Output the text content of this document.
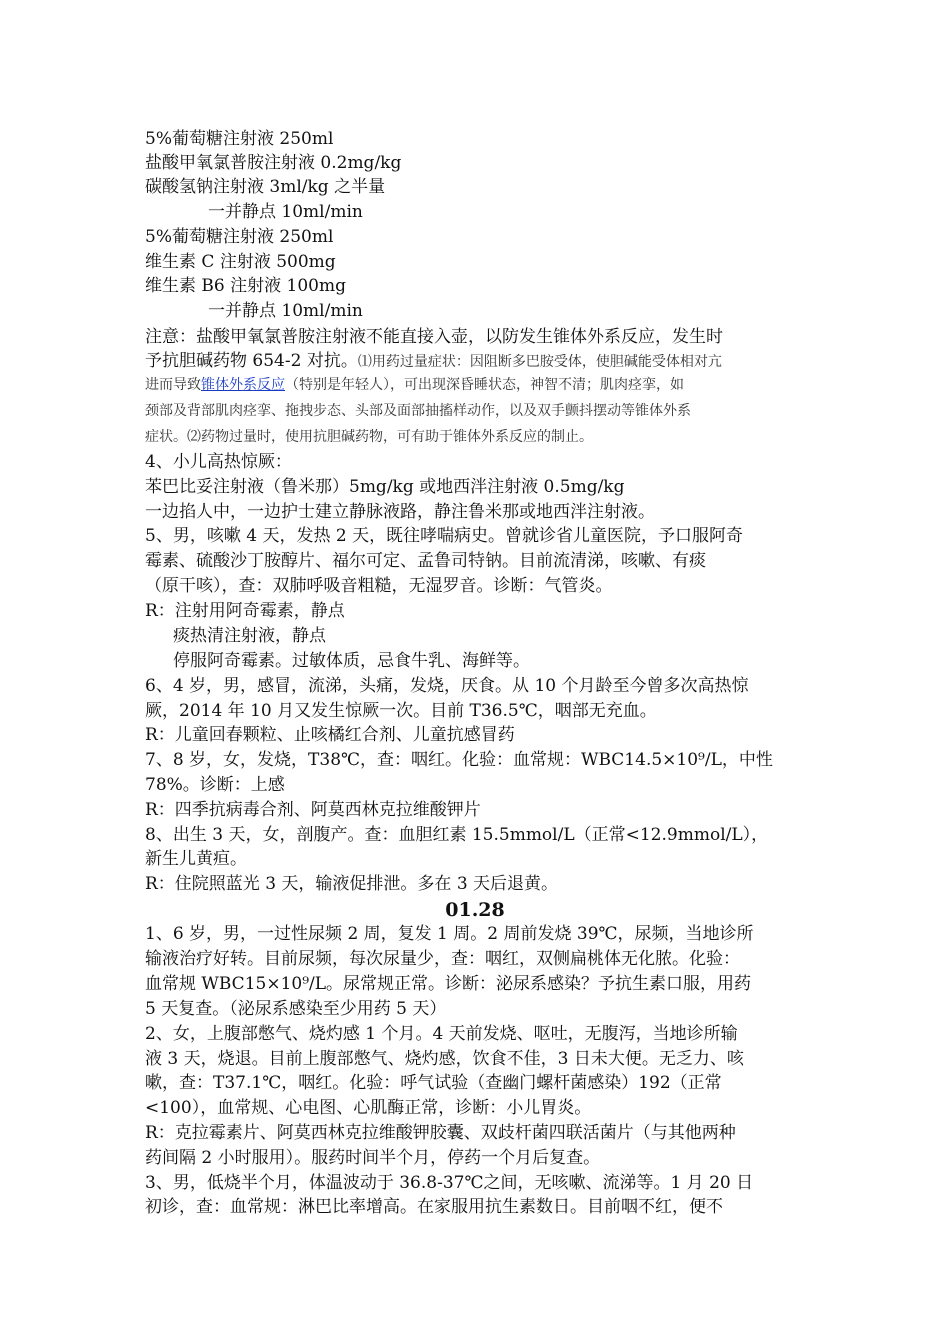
5%葡萄糖注射液 250ml
盐酸甲氧氯普胺注射液 0.2mg/kg
碳酸氢钠注射液 3ml/kg 之半量
一并静点 10ml/min
5%葡萄糖注射液 250ml
维生素 C 注射液 500mg
维生素 B6 注射液 100mg
一并静点 10ml/min
注意：盐酸甲氧氯普胺注射液不能直接入壶，以防发生锥体外系反应，发生时
予抗胆碱药物 654-2 对抗。⑴用药过量症状：因阻断多巴胺受体，使胆碱能受体相对亢
进而导致锥体外系反应（特别是年轻人），可出现深昏睡状态，神智不清；肌肉痉挛，如
颈部及背部肌肉痉挛、拖拽步态、头部及面部抽搐样动作，以及双手颤抖摆动等锥体外系
症状。⑵药物过量时，使用抗胆碱药物，可有助于锥体外系反应的制止。
4、小儿高热惊厥：
苯巴比妥注射液（鲁米那）5mg/kg 或地西泮注射液 0.5mg/kg
一边掐人中，一边护士建立静脉液路，静注鲁米那或地西泮注射液。
5、男，咳嗽 4 天，发热 2 天，既往哮喘病史。曾就诊省儿童医院，予口服阿奇
霉素、硫酸沙丁胺醇片、福尔可定、孟鲁司特钠。目前流清涕，咳嗽、有痰
（原干咳），查：双肺呼吸音粗糙，无湿罗音。诊断：气管炎。
R：注射用阿奇霉素，静点
痰热清注射液，静点
停服阿奇霉素。过敏体质，忌食牛乳、海鲜等。
6、4 岁，男，感冒，流涕，头痛，发烧，厌食。从 10 个月龄至今曾多次高热惊
厥，2014 年 10 月又发生惊厥一次。目前 T36.5℃，咽部无充血。
R：儿童回春颗粒、止咳橘红合剂、儿童抗感冒药
7、8 岁，女，发烧，T38℃，查：咽红。化验：血常规：WBC14.5×10⁹/L，中性
78%。诊断：上感
R：四季抗病毒合剂、阿莫西林克拉维酸钾片
8、出生 3 天，女，剖腹产。查：血胆红素 15.5mmol/L（正常<12.9mmol/L），
新生儿黄疸。
R：住院照蓝光 3 天，输液促排泄。多在 3 天后退黄。
01.28
1、6 岁，男，一过性尿频 2 周，复发 1 周。2 周前发烧 39℃，尿频，当地诊所
输液治疗好转。目前尿频，每次尿量少，查：咽红，双侧扁桃体无化脓。化验：
血常规 WBC15×10⁹/L。尿常规正常。诊断：泌尿系感染？予抗生素口服，用药
5 天复查。（泌尿系感染至少用药 5 天）
2、女，上腹部憋气、烧灼感 1 个月。4 天前发烧、呕吐，无腹泻，当地诊所输
液 3 天，烧退。目前上腹部憋气、烧灼感，饮食不佳，3 日未大便。无乏力、咳
嗽，查：T37.1℃，咽红。化验：呼气试验（查幽门螺杆菌感染）192（正常
<100），血常规、心电图、心肌酶正常，诊断：小儿胃炎。
R：克拉霉素片、阿莫西林克拉维酸钾胶囊、双歧杆菌四联活菌片（与其他两种
药间隔 2 小时服用）。服药时间半个月，停药一个月后复查。
3、男，低烧半个月，体温波动于 36.8-37℃之间，无咳嗽、流涕等。1 月 20 日
初诊，查：血常规：淋巴比率增高。在家服用抗生素数日。目前咽不红，便不
